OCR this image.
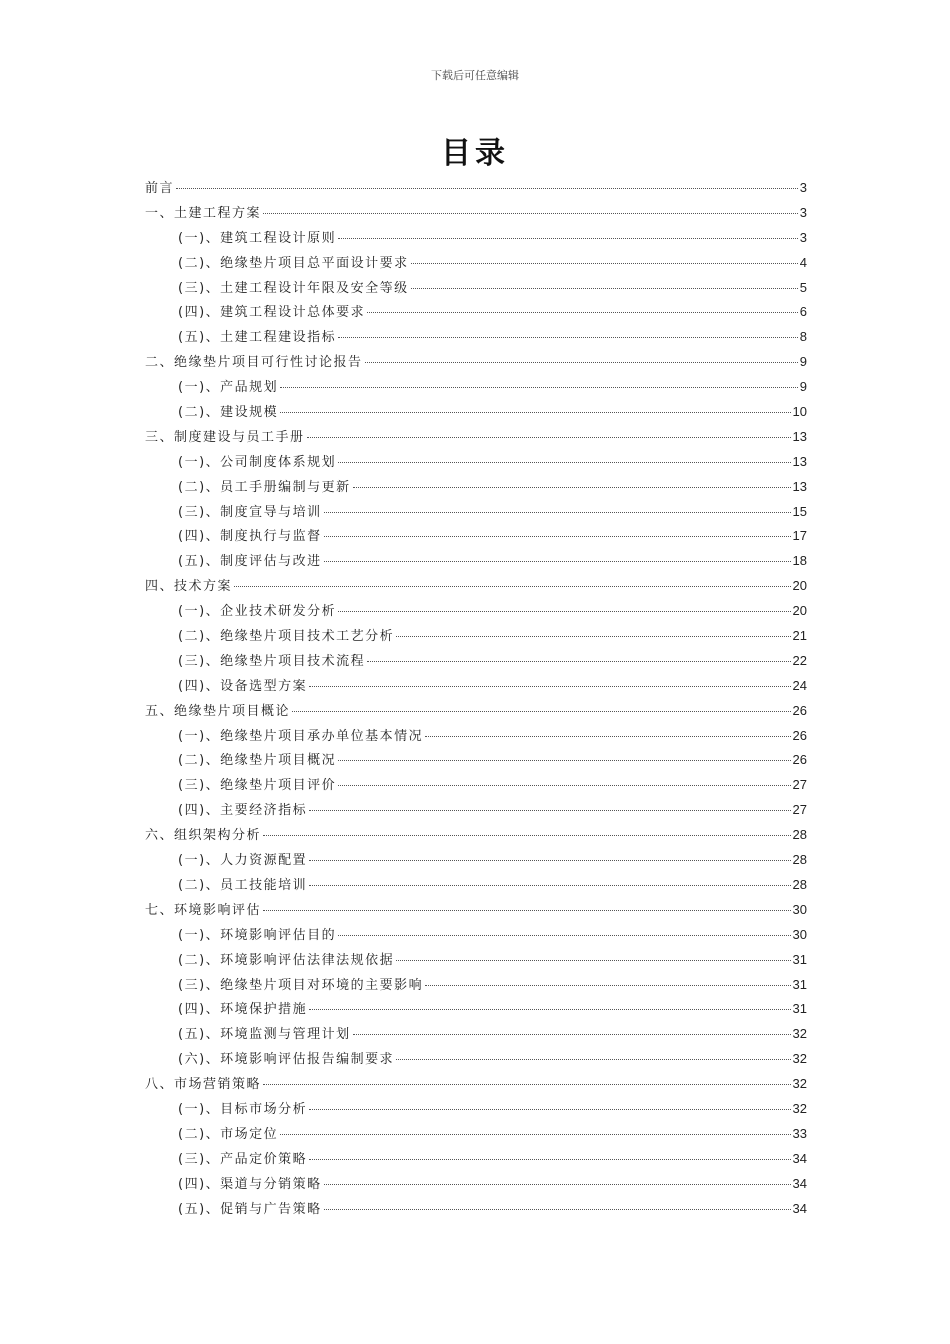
下载后可任意编辑
目录
前言	3
一、土建工程方案	3
(一)、建筑工程设计原则	3
(二)、绝缘垫片项目总平面设计要求	4
(三)、土建工程设计年限及安全等级	5
(四)、建筑工程设计总体要求	6
(五)、土建工程建设指标	8
二、绝缘垫片项目可行性讨论报告	9
(一)、产品规划	9
(二)、建设规模	10
三、制度建设与员工手册	13
(一)、公司制度体系规划	13
(二)、员工手册编制与更新	13
(三)、制度宣导与培训	15
(四)、制度执行与监督	17
(五)、制度评估与改进	18
四、技术方案	20
(一)、企业技术研发分析	20
(二)、绝缘垫片项目技术工艺分析	21
(三)、绝缘垫片项目技术流程	22
(四)、设备选型方案	24
五、绝缘垫片项目概论	26
(一)、绝缘垫片项目承办单位基本情况	26
(二)、绝缘垫片项目概况	26
(三)、绝缘垫片项目评价	27
(四)、主要经济指标	27
六、组织架构分析	28
(一)、人力资源配置	28
(二)、员工技能培训	28
七、环境影响评估	30
(一)、环境影响评估目的	30
(二)、环境影响评估法律法规依据	31
(三)、绝缘垫片项目对环境的主要影响	31
(四)、环境保护措施	31
(五)、环境监测与管理计划	32
(六)、环境影响评估报告编制要求	32
八、市场营销策略	32
(一)、目标市场分析	32
(二)、市场定位	33
(三)、产品定价策略	34
(四)、渠道与分销策略	34
(五)、促销与广告策略	34
